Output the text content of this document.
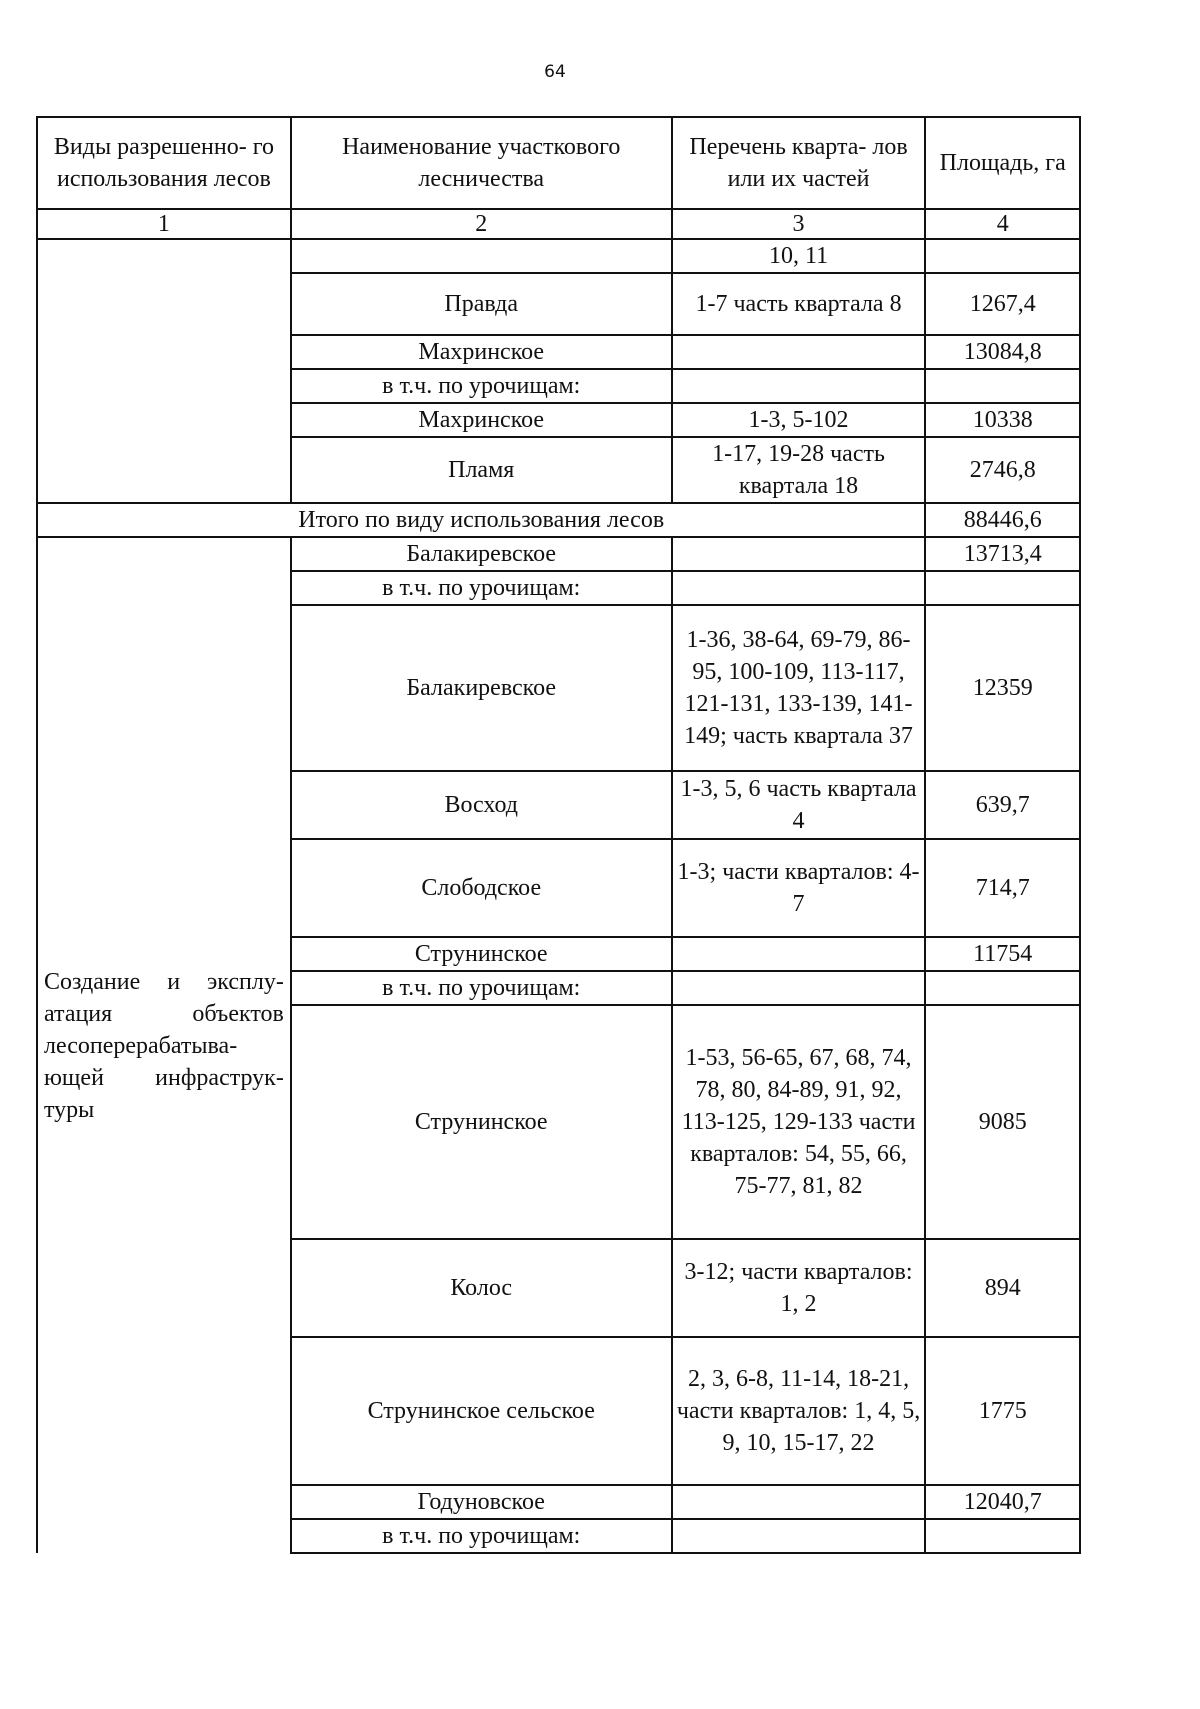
64
Виды разрешенно- го использования лесов	Наименование участкового лесничества	Перечень кварта- лов или их частей	Площадь, га
1	2	3	4
		10, 11	
	Правда	1-7 часть квартала 8	1267,4
	Махринское		13084,8
	в т.ч. по урочищам:		
	Махринское	1-3, 5-102	10338
	Пламя	1-17, 19-28 часть квартала 18	2746,8
Итого по виду использования лесов			88446,6
Создание и эксплу- атация объектов лесоперерабатыва- ющей инфраструк- туры	Балакиревское		13713,4
	в т.ч. по урочищам:		
	Балакиревское	1-36, 38-64, 69-79, 86-95, 100-109, 113-117, 121-131, 133-139, 141-149; часть квартала 37	12359
	Восход	1-3, 5, 6 часть квартала 4	639,7
	Слободское	1-3; части кварталов: 4-7	714,7
	Струнинское		11754
	в т.ч. по урочищам:		
	Струнинское	1-53, 56-65, 67, 68, 74, 78, 80, 84-89, 91, 92, 113-125, 129-133 части кварталов: 54, 55, 66, 75-77, 81, 82	9085
	Колос	3-12; части кварталов: 1, 2	894
	Струнинское сельское	2, 3, 6-8, 11-14, 18-21, части кварталов: 1, 4, 5, 9, 10, 15-17, 22	1775
	Годуновское		12040,7
	в т.ч. по урочищам:		
